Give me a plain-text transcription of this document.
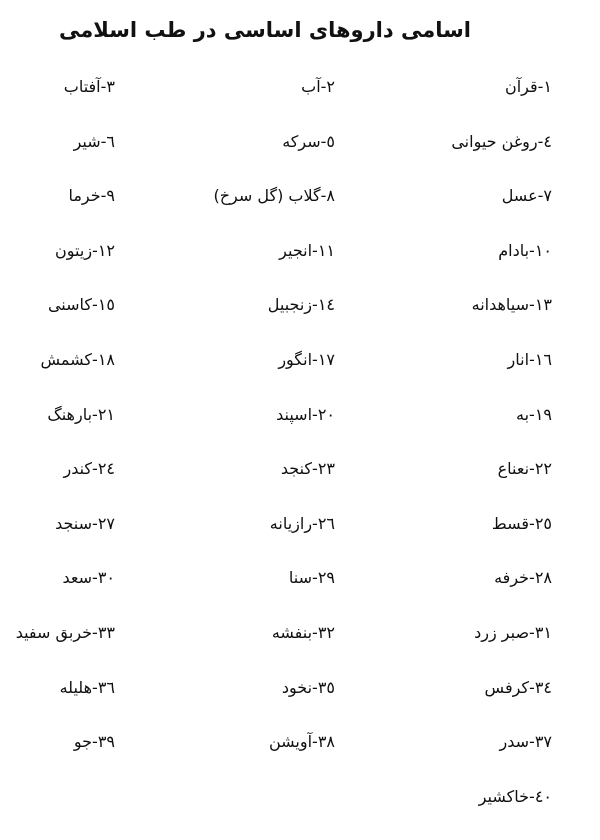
اسامی داروهای اساسی در طب اسلامی
۱-قرآن
۲-آب
۳-آفتاب
٤-روغن حیوانی
٥-سرکه
٦-شیر
۷-عسل
۸-گلاب (گل سرخ)
۹-خرما
۱۰-بادام
۱۱-انجیر
۱۲-زیتون
۱۳-سیاهدانه
۱٤-زنجبیل
۱٥-کاسنی
۱٦-انار
۱۷-انگور
۱۸-کشمش
۱۹-به
۲۰-اسپند
۲۱-بارهنگ
۲۲-نعناع
۲۳-کنجد
۲٤-کندر
۲٥-قسط
۲٦-رازیانه
۲۷-سنجد
۲۸-خرفه
۲۹-سنا
۳۰-سعد
۳۱-صبر زرد
۳۲-بنفشه
۳۳-خربق سفید
۳٤-کرفس
۳٥-نخود
۳٦-هلیله
۳۷-سدر
۳۸-آویشن
۳۹-جو
٤۰-خاکشیر
